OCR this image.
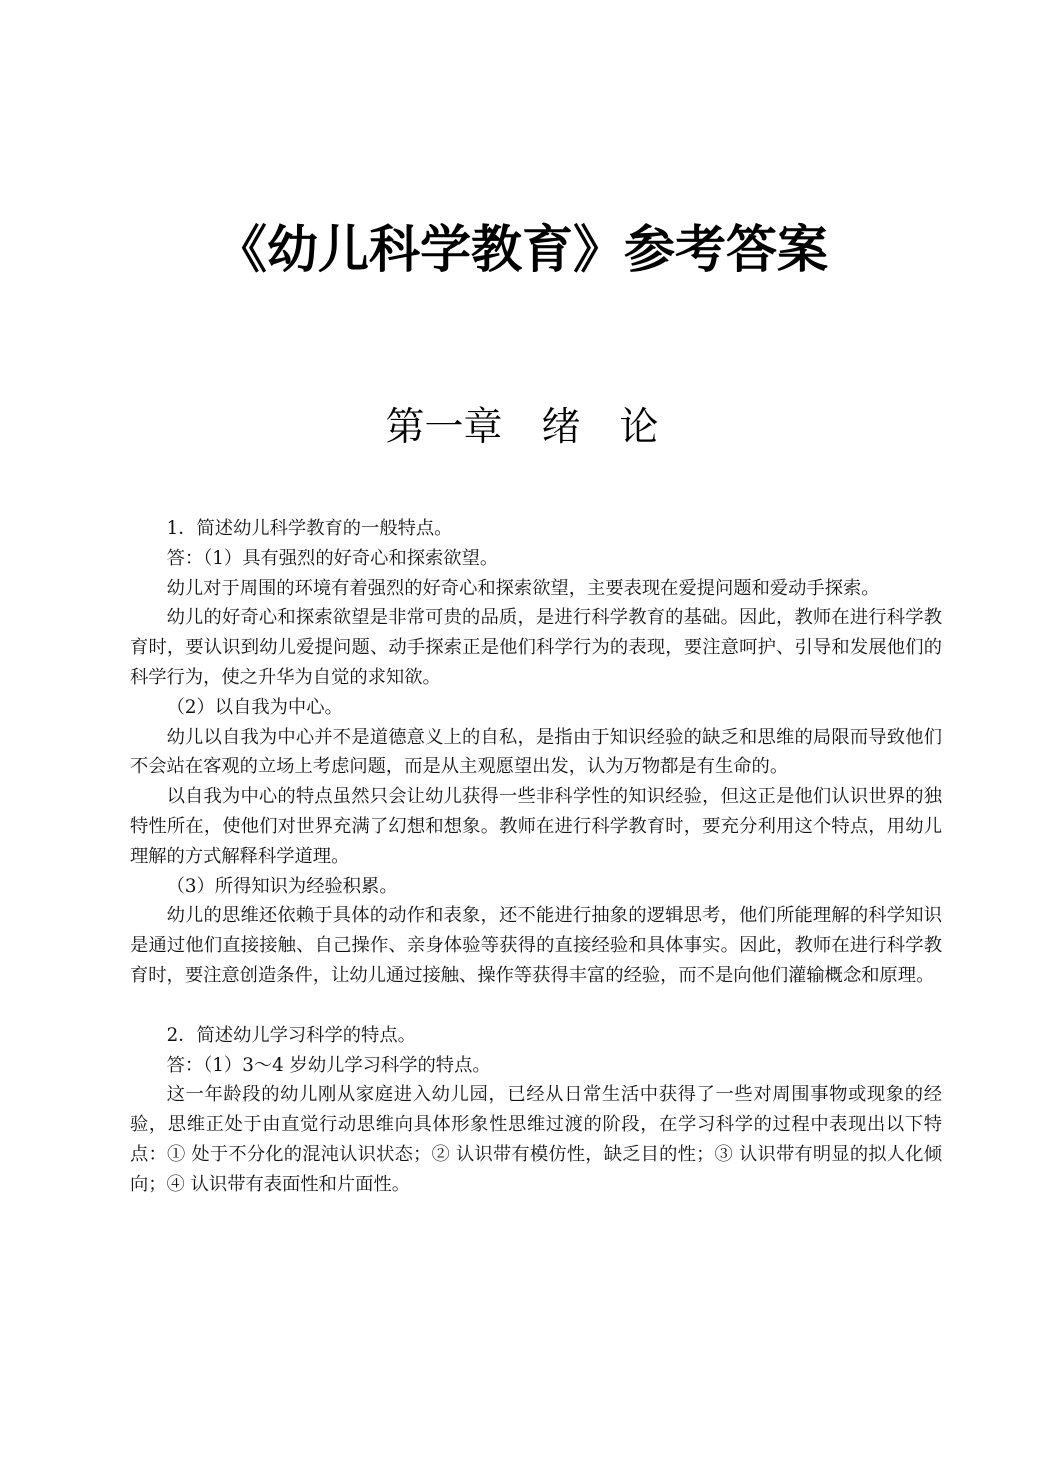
《幼儿科学教育》参考答案
第一章　绪　论

1．简述幼儿科学教育的一般特点。

答：（1）具有强烈的好奇心和探索欲望。

幼儿对于周围的环境有着强烈的好奇心和探索欲望，主要表现在爱提问题和爱动手探索。

幼儿的好奇心和探索欲望是非常可贵的品质，是进行科学教育的基础。因此，教师在进行科学教育时，要认识到幼儿爱提问题、动手探索正是他们科学行为的表现，要注意呵护、引导和发展他们的科学行为，使之升华为自觉的求知欲。

（2）以自我为中心。

幼儿以自我为中心并不是道德意义上的自私，是指由于知识经验的缺乏和思维的局限而导致他们不会站在客观的立场上考虑问题，而是从主观愿望出发，认为万物都是有生命的。

以自我为中心的特点虽然只会让幼儿获得一些非科学性的知识经验，但这正是他们认识世界的独特性所在，使他们对世界充满了幻想和想象。教师在进行科学教育时，要充分利用这个特点，用幼儿理解的方式解释科学道理。

（3）所得知识为经验积累。

幼儿的思维还依赖于具体的动作和表象，还不能进行抽象的逻辑思考，他们所能理解的科学知识是通过他们直接接触、自己操作、亲身体验等获得的直接经验和具体事实。因此，教师在进行科学教育时，要注意创造条件，让幼儿通过接触、操作等获得丰富的经验，而不是向他们灌输概念和原理。

2．简述幼儿学习科学的特点。

答：（1）3～4 岁幼儿学习科学的特点。

这一年龄段的幼儿刚从家庭进入幼儿园，已经从日常生活中获得了一些对周围事物或现象的经验，思维正处于由直觉行动思维向具体形象性思维过渡的阶段，在学习科学的过程中表现出以下特点：① 处于不分化的混沌认识状态；② 认识带有模仿性，缺乏目的性；③ 认识带有明显的拟人化倾向；④ 认识带有表面性和片面性。
